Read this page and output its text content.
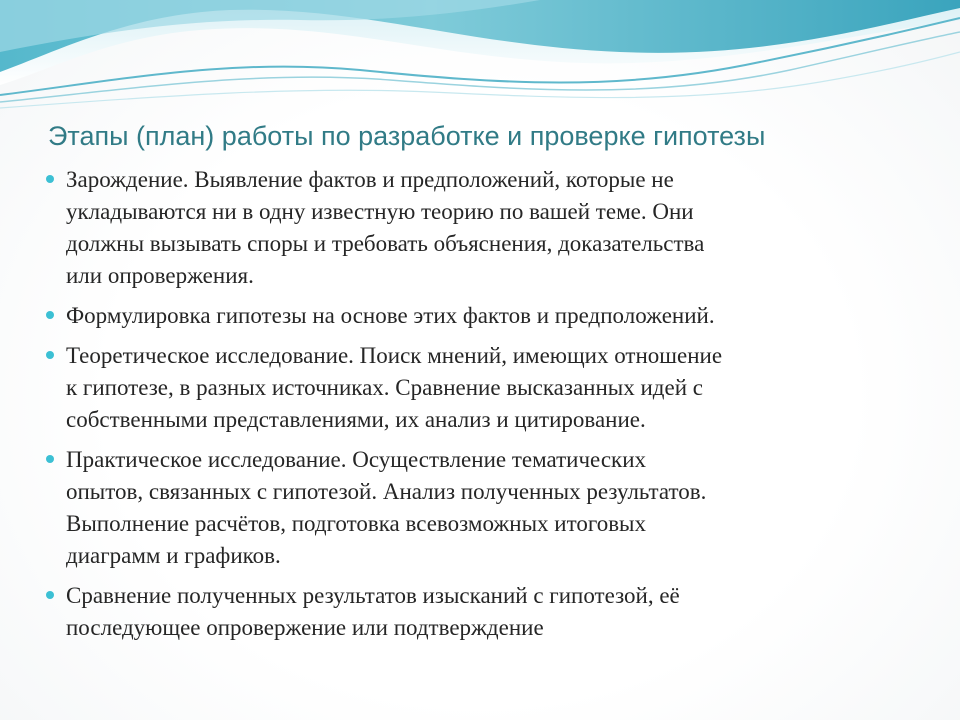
Этапы (план) работы по разработке и проверке гипотезы
Зарождение. Выявление фактов и предположений, которые не
укладываются ни в одну известную теорию по вашей теме. Они
должны вызывать споры и требовать объяснения, доказательства
или опровержения.
Формулировка гипотезы на основе этих фактов и предположений.
Теоретическое исследование. Поиск мнений, имеющих отношение
к гипотезе, в разных источниках. Сравнение высказанных идей с
собственными представлениями, их анализ и цитирование.
Практическое исследование. Осуществление тематических
опытов, связанных с гипотезой. Анализ полученных результатов.
Выполнение расчётов, подготовка всевозможных итоговых
диаграмм и графиков.
Сравнение полученных результатов изысканий с гипотезой, её
последующее опровержение или подтверждение
